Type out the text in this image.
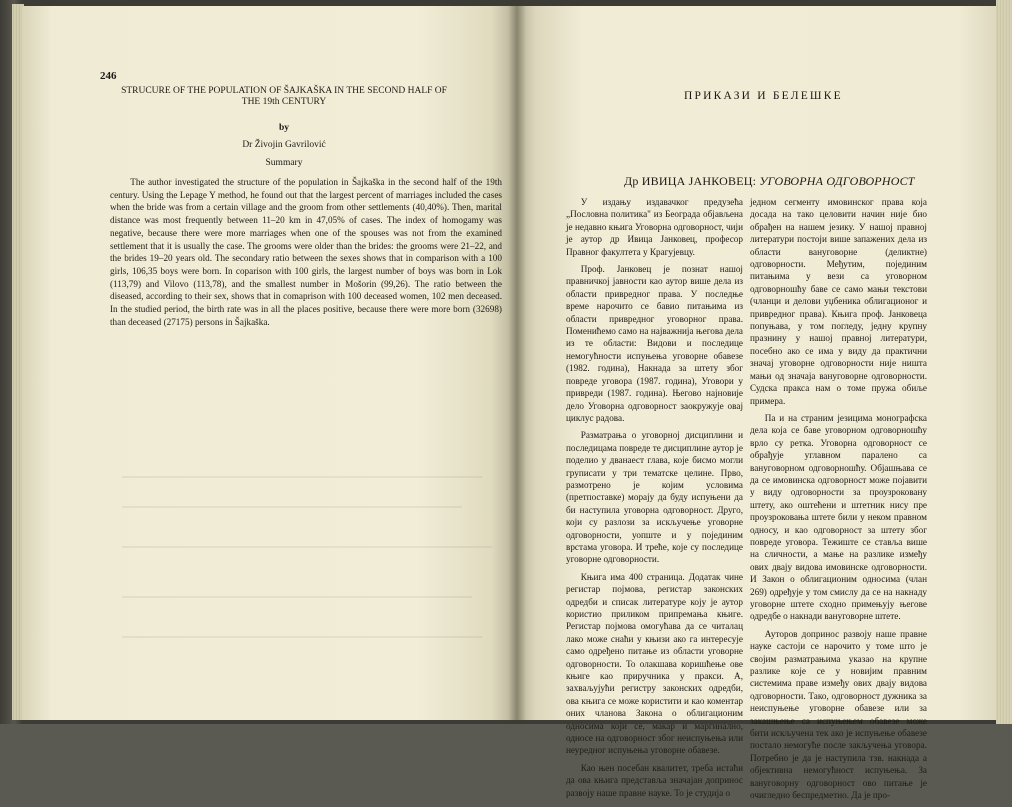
246
STRUCURE OF THE POPULATION OF ŠAJKAŠKA IN THE SECOND HALF OF THE 19th CENTURY
by
Dr Živojin Gavrilović
Summary

The author investigated the structure of the population in Šajkaška in the second half of the 19th century. Using the Lepage Y method, he found out that the largest percent of marriages included the cases when the bride was from a certain village and the groom from other settlements (40,40%). Then, marital distance was most frequently between 11–20 km in 47,05% of cases. The index of homogamy was negative, because there were more marriages when one of the spouses was not from the examined settlement that it is usually the case. The grooms were older than the brides: the grooms were 21–22, and the brides 19–20 years old. The secondary ratio between the sexes shows that in comparison with a 100 girls, 106,35 boys were born. In coparison with 100 girls, the largest number of boys was born in Lok (113,79) and Vilovo (113,78), and the smallest number in Mošorin (99,26). The ratio between the diseased, according to their sex, shows that in comaprison with 100 deceased women, 102 men deceased. In the studied period, the birth rate was in all the places positive, because there were more born (32698) than deceased (27175) persons in Šajkaška.

ПРИКАЗИ И БЕЛЕШКЕ
Др ИВИЦА ЈАНКОВЕЦ: УГОВОРНА ОДГОВОРНОСТ

У издању издавачког предузећа „Пословна политика" из Београда објављена је недавно књига Уговорна одговорност, чији је аутор др Ивица Јанковец, професор Правног факултета у Крагујевцу.

Проф. Јанковец је познат нашој правничкој јавности као аутор више дела из области привредног права. У последње време нарочито се бавио питањима из области привредног уговорног права. Поменићемо само на најважнија његова дела из те области: Видови и последице немогућности испуњења уговорне обавезе (1982. година), Накнада за штету због повреде уговора (1987. година), Уговори у привреди (1987. година). Његово најновије дело Уговорна одговорност заокружује овај циклус радова.

Разматрања о уговорној дисциплини и последицама повреде те дисциплине аутор је поделио у дванаест глава, које бисмо могли груписати у три тематске целине. Прво, размотрено је којим условима (претпоставке) морају да буду испуњени да би наступила уговорна одговорност. Друго, који су разлози за искључење уговорне одговорности, уопште и у појединим врстама уговора. И треће, које су последице уговорне одговорности.

Књига има 400 страница. Додатак чине регистар појмова, регистар законских одредби и списак литературе коју је аутор користио приликом припремања књиге. Регистар појмова омогућава да се читалац лако може снаћи у књизи ако га интересује само одређено питање из области уговорне одговорности. То олакшава коришћење ове књиге као приручника у пракси. А, захваљујући регистру законских одредби, ова књига се може користити и као коментар оних чланова Закона о облигационим односима који се, макар и маргинално, односе на одговорност због неиспуњења или неуредног испуњења уговорне обавезе.

Као њен посебан квалитет, треба истаћи да ова књига представља значајан допринос развоју наше правне науке. То је студија о

једном сегменту имовинског права која досада на тако целовити начин није био обрађен на нашем језику. У нашој правној литератури постоји више запажених дела из области вануговорне (деликтне) одговорности. Међутим, појединим питањима у вези са уговорном одговорношћу баве се само мањи текстови (чланци и делови уџбеника облигационог и привредног права). Књига проф. Јанковеца попуњава, у том погледу, једну крупну празнину у нашој правној литератури, посебно ако се има у виду да практични значај уговорне одговорности није ништа мањи од значаја вануговорне одговорности. Судска пракса нам о томе пружа обиље примера.

Па и на страним језицима монографска дела која се баве уговорном одговорношћу врло су ретка. Уговорна одговорност се обрађује углавном паралено са вануговорном одговорношћу. Објашњава се да се имовинска одговорност може појавити у виду одговорности за проузроковану штету, ако оштећени и штетник нису пре проузроковања штете били у неком правном односу, и као одговорност за штету због повреде уговора. Тежиште се ставља више на сличности, а мање на разлике између ових двају видова имовинске одговорности. И Закон о облигационим односима (члан 269) одређује у том смислу да се на накнаду уговорне штете сходно примењују његове одредбе о накнади вануговорне штете.

Ауторов допринос развоју наше правне науке састоји се нарочито у томе што је својим разматрањима указао на крупне разлике које се у новијим правним системима праве између ових двају видова одговорности. Тако, одговорност дужника за неиспуњење уговорне обавезе или за закашњење са испуњењем обавезе може бити искључена тек ако је испуњење обавезе постало немогуће после закључења уговора. Потребно је да је наступила тзв. накнада а објективна немогућност испуњења. За вануговорну одговорност ово питање је очигледно беспредметно. Да је про-
